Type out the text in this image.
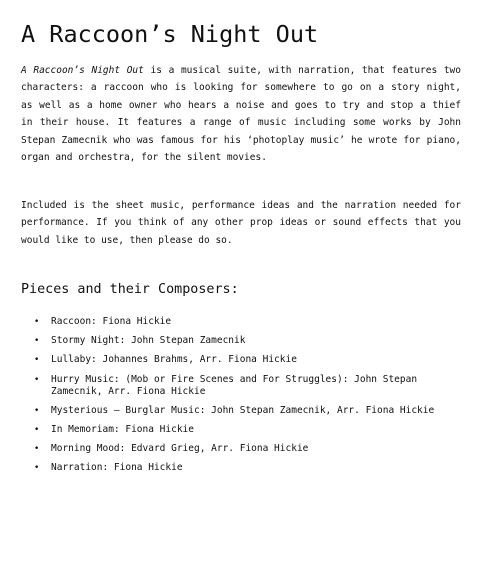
A Raccoon’s Night Out

A Raccoon’s Night Out is a musical suite, with narration, that features two characters: a raccoon who is looking for somewhere to go on a story night, as well as a home owner who hears a noise and goes to try and stop a thief in their house. It features a range of music including some works by John Stepan Zamecnik who was famous for his ‘photoplay music’ he wrote for piano, organ and orchestra, for the silent movies.

Included is the sheet music, performance ideas and the narration needed for performance. If you think of any other prop ideas or sound effects that you would like to use, then please do so.

Pieces and their Composers:
• Raccoon: Fiona Hickie
• Stormy Night: John Stepan Zamecnik
• Lullaby: Johannes Brahms, Arr. Fiona Hickie
• Hurry Music: (Mob or Fire Scenes and For Struggles): John Stepan Zamecnik, Arr. Fiona Hickie
• Mysterious – Burglar Music: John Stepan Zamecnik, Arr. Fiona Hickie
• In Memoriam: Fiona Hickie
• Morning Mood: Edvard Grieg, Arr. Fiona Hickie
• Narration: Fiona Hickie
